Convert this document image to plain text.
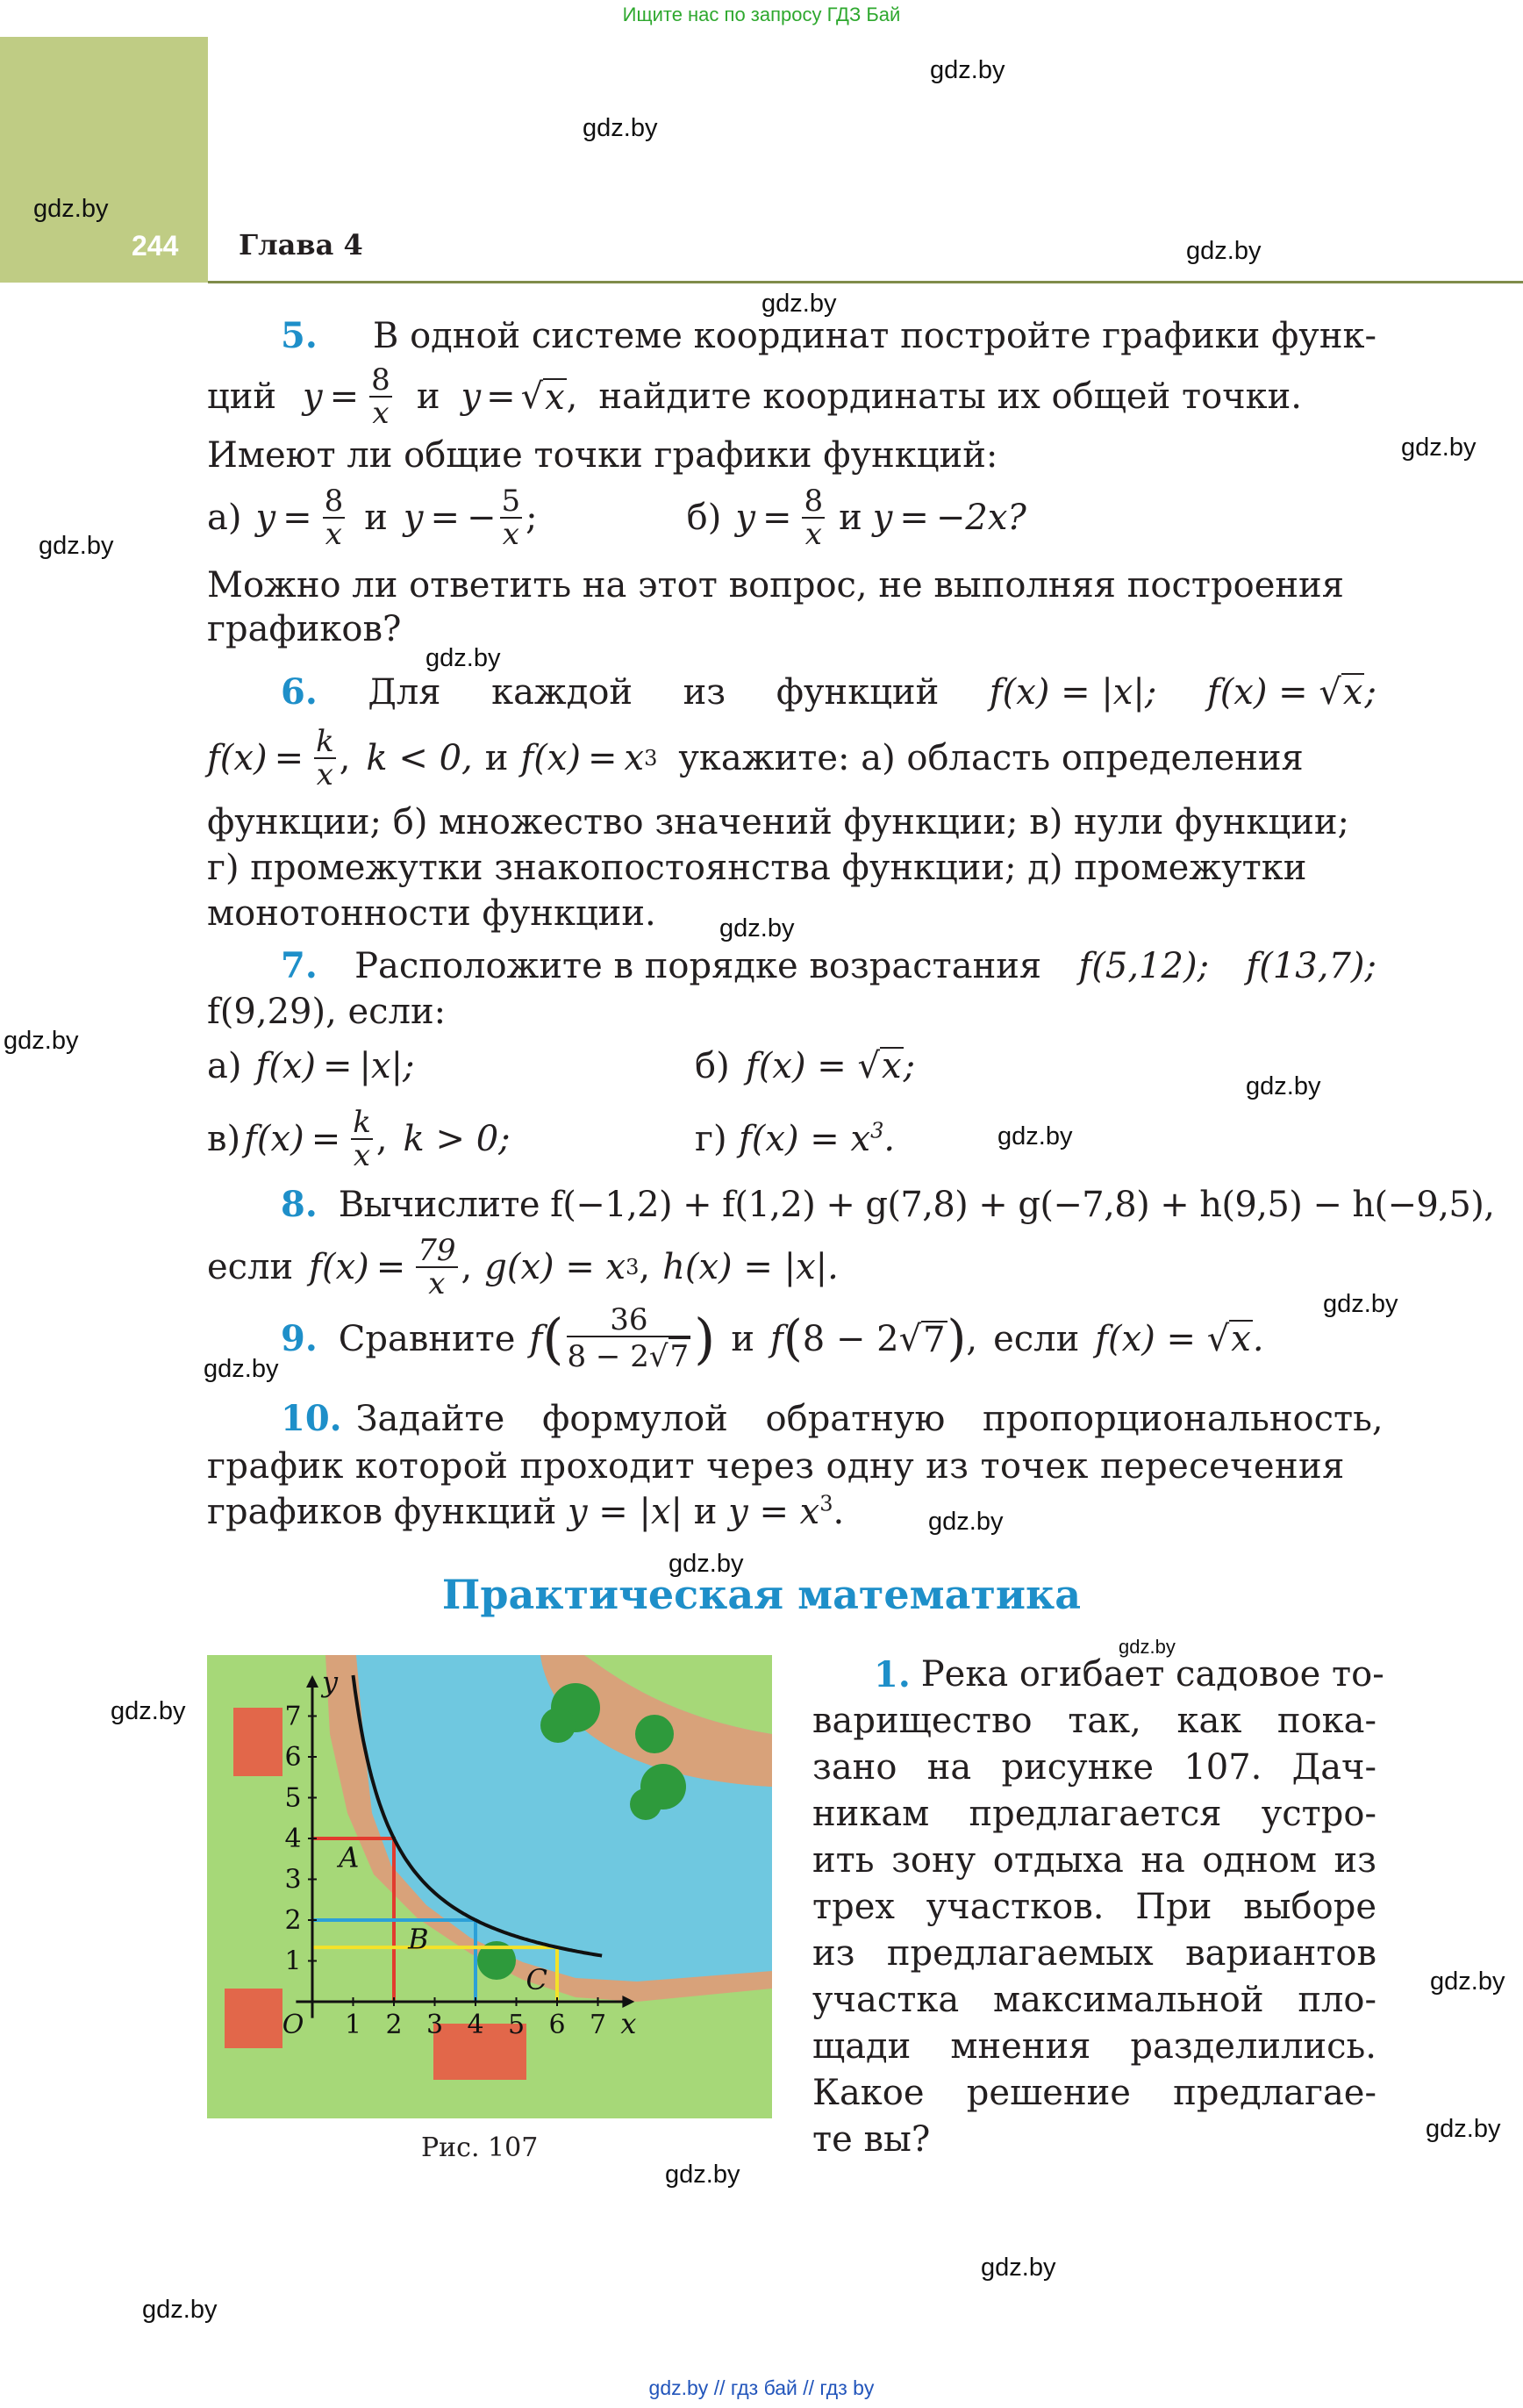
Ищите нас по запросу ГДЗ Бай
244 Глава 4
gdz.by
gdz.by
gdz.by
gdz.by
gdz.by
gdz.by
gdz.by
gdz.by
gdz.by
gdz.by
gdz.by
gdz.by
gdz.by
gdz.by
gdz.by
gdz.by
gdz.by
gdz.by
gdz.by
gdz.by
gdz.by
gdz.by
gdz.by
5. В одной системе координат постройте графики функ-
ций $y = \frac{8}{x}$ и y = √ x , найдите координаты их общей точки.
Имеют ли общие точки графики функций:
а) $y = \frac{8}{x}$ и y = − $\frac{5}{x}$ ;	б) $y = \frac{8}{x}$ и y = −2x?
Можно ли ответить на этот вопрос, не выполняя построения
графиков?
6. Для каждой из функций f(x) = |x|; f(x) = √x;
$f(x) = \frac{k}{x}$ , k < 0, и f(x) = x 3 укажите: а) область определения
функции; б) множество значений функции; в) нули функции;
г) промежутки знакопостоянства функции; д) промежутки
монотонности функции.
7. Расположите в порядке возрастания f(5,12); f(13,7);
f(9,29), если:
а) f(x) = |x|;	б) f(x) = √x;
в) $f(x) = \frac{k}{x}$ , k > 0;	г) $f(x) = x^3$.
8. Вычислите f(−1,2) + f(1,2) + g(7,8) + g(−7,8) + h(9,5) − h(−9,5),
если $f(x) = \frac{79}{x}$ , g(x) = x 3 , h(x) = |x|.
9. Сравните f ( $\frac{36}{8 - 2√7}$ ) и f ( 8 − 2 √ 7 ) , если f(x) = √x.
10. Задайте формулой обратную пропорциональность,
график которой проходит через одну из точек пересечения
графиков функций y = |x| и $y = x^3$.
Практическая математика
1. Река огибает садовое то-
варищество так, как пока-
зано на рисунке 107. Дач-
никам предлагается устро-
ить зону отдыха на одном из
трех участков. При выборе
из предлагаемых вариантов
участка максимальной пло-
щади мнения разделились.
Какое решение предлагае-
те вы?
1 2 3 4 5 6 7
1
2
3
4
5
6
7
O	x
y
A
B
C
Рис. 107
gdz.by // гдз бай // гдз by
